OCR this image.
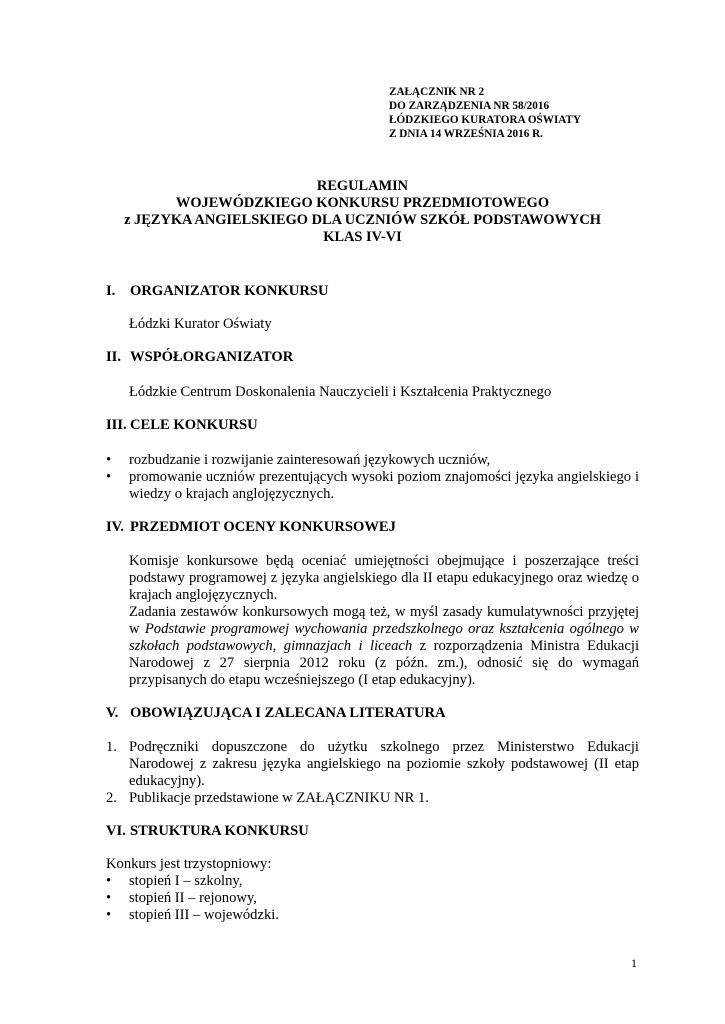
ZAŁĄCZNIK NR 2
DO ZARZĄDZENIA NR 58/2016
ŁÓDZKIEGO KURATORA OŚWIATY
Z DNIA 14 WRZEŚNIA 2016 R.
REGULAMIN
WOJEWÓDZKIEGO KONKURSU PRZEDMIOTOWEGO
z JĘZYKA ANGIELSKIEGO DLA UCZNIÓW SZKÓŁ PODSTAWOWYCH
KLAS IV-VI
I. ORGANIZATOR KONKURSU
Łódzki Kurator Oświaty
II. WSPÓŁORGANIZATOR
Łódzkie Centrum Doskonalenia Nauczycieli i Kształcenia Praktycznego
III. CELE KONKURSU
•	rozbudzanie i rozwijanie zainteresowań językowych uczniów,
•	promowanie uczniów prezentujących wysoki poziom znajomości języka angielskiego i wiedzy o krajach anglojęzycznych.
IV. PRZEDMIOT OCENY KONKURSOWEJ
Komisje konkursowe będą oceniać umiejętności obejmujące i poszerzające treści podstawy programowej z języka angielskiego dla II etapu edukacyjnego oraz wiedzę o krajach anglojęzycznych.
Zadania zestawów konkursowych mogą też, w myśl zasady kumulatywności przyjętej w Podstawie programowej wychowania przedszkolnego oraz kształcenia ogólnego w szkołach podstawowych, gimnazjach i liceach z rozporządzenia Ministra Edukacji Narodowej z 27 sierpnia 2012 roku (z późn. zm.), odnosić się do wymagań przypisanych do etapu wcześniejszego (I etap edukacyjny).
V. OBOWIĄZUJĄCA I ZALECANA LITERATURA
1. Podręczniki dopuszczone do użytku szkolnego przez Ministerstwo Edukacji Narodowej z zakresu języka angielskiego na poziomie szkoły podstawowej (II etap edukacyjny).
2. Publikacje przedstawione w ZAŁĄCZNIKU NR 1.
VI. STRUKTURA KONKURSU
Konkurs jest trzystopniowy:
•	stopień I – szkolny,
•	stopień II – rejonowy,
•	stopień III – wojewódzki.
1
